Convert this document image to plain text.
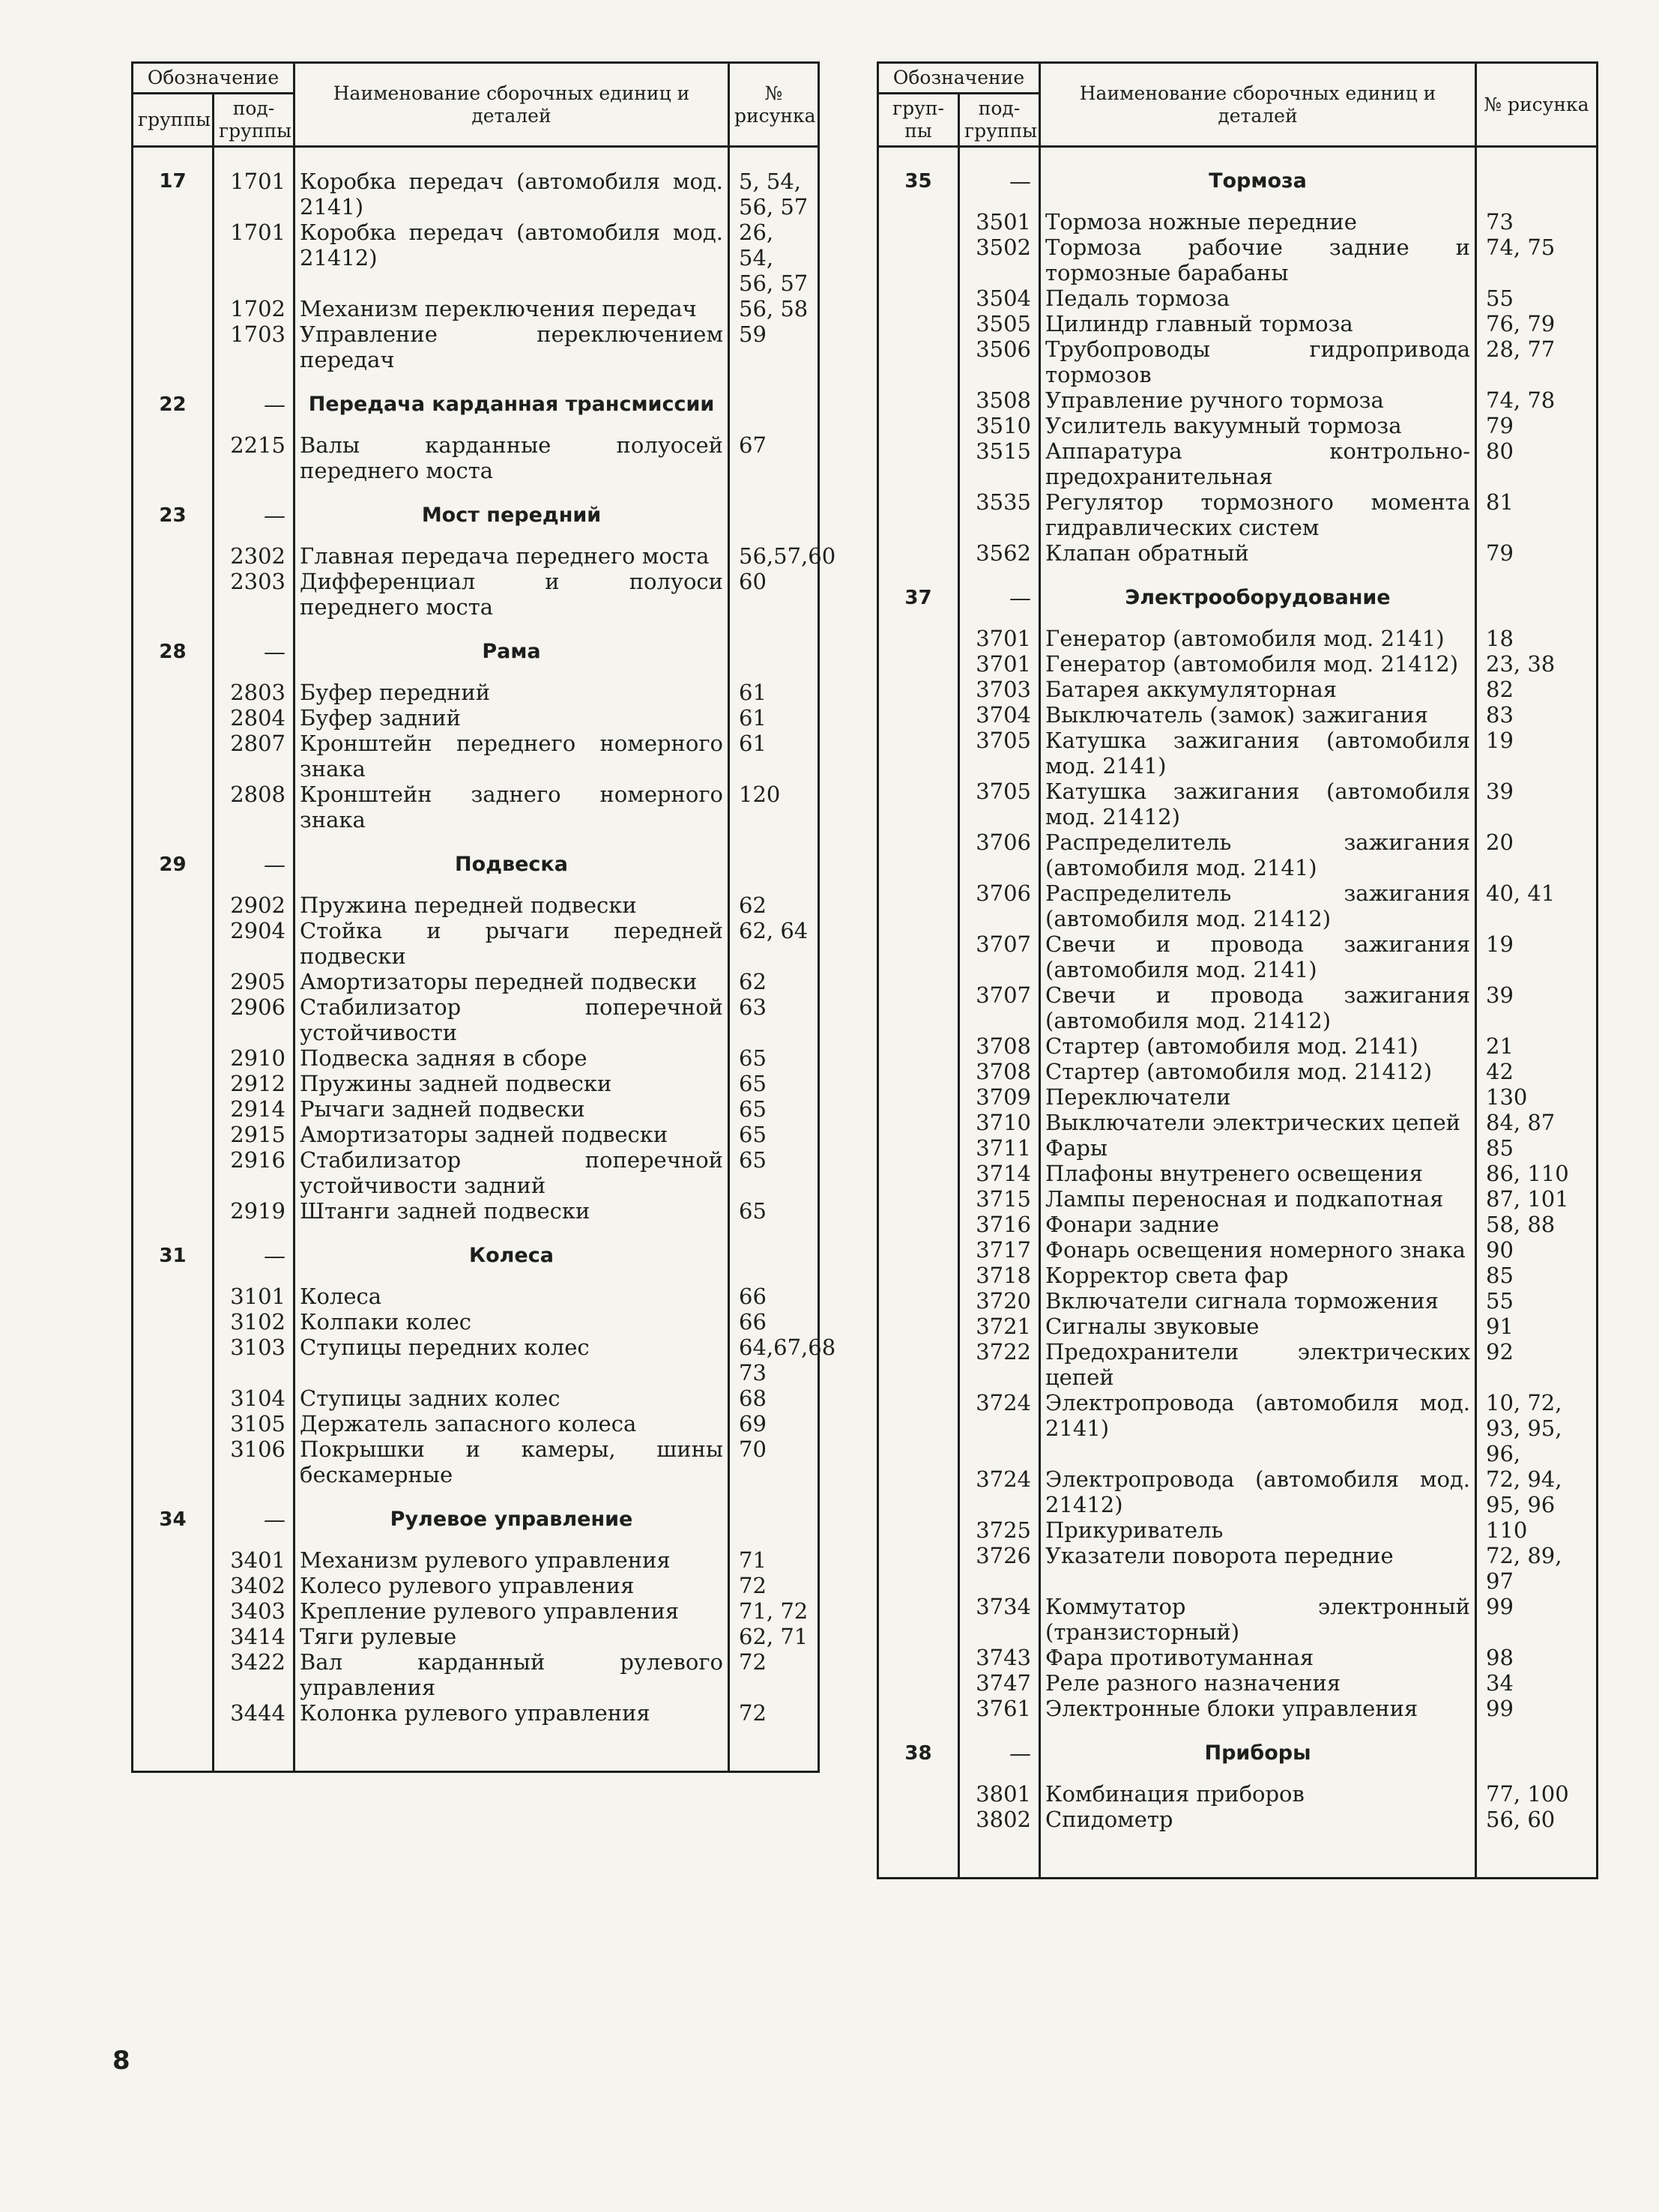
Обозначение		Наименование сборочных единиц и деталей	№ рисунка
группы	под-группы		
17	1701	Коробка передач (автомобиля мод. 2141)	5, 54, 56, 57
	1701	Коробка передач (автомобиля мод. 21412)	26, 54, 56, 57
	1702	Механизм переключения передач	56, 58
	1703	Управление переключением передач	59
22	—	Передача карданная трансмиссии	
	2215	Валы карданные полуосей переднего моста	67
23	—	Мост передний	
	2302	Главная передача переднего моста	56,57,60
	2303	Дифференциал и полуоси переднего моста	60
28	—	Рама	
	2803	Буфер передний	61
	2804	Буфер задний	61
	2807	Кронштейн переднего номерного знака	61
	2808	Кронштейн заднего номерного знака	120
29	—	Подвеска	
	2902	Пружина передней подвески	62
	2904	Стойка и рычаги передней подвески	62, 64
	2905	Амортизаторы передней подвески	62
	2906	Стабилизатор поперечной устойчивости	63
	2910	Подвеска задняя в сборе	65
	2912	Пружины задней подвески	65
	2914	Рычаги задней подвески	65
	2915	Амортизаторы задней подвески	65
	2916	Стабилизатор поперечной устойчивости задний	65
	2919	Штанги задней подвески	65
31	—	Колеса	
	3101	Колеса	66
	3102	Колпаки колес	66
	3103	Ступицы передних колес	64,67,68 73
	3104	Ступицы задних колес	68
	3105	Держатель запасного колеса	69
	3106	Покрышки и камеры, шины бескамерные	70
34	—	Рулевое управление	
	3401	Механизм рулевого управления	71
	3402	Колесо рулевого управления	72
	3403	Крепление рулевого управления	71, 72
	3414	Тяги рулевые	62, 71
	3422	Вал карданный рулевого управления	72
	3444	Колонка рулевого управления	72

Обозначение		Наименование сборочных единиц и деталей	№ рисунка
груп-пы	под-группы		
35	—	Тормоза	
	3501	Тормоза ножные передние	73
	3502	Тормоза рабочие задние и тормозные барабаны	74, 75
	3504	Педаль тормоза	55
	3505	Цилиндр главный тормоза	76, 79
	3506	Трубопроводы гидропривода тормозов	28, 77
	3508	Управление ручного тормоза	74, 78
	3510	Усилитель вакуумный тормоза	79
	3515	Аппаратура контрольно-предохранительная	80
	3535	Регулятор тормозного момента гидравлических систем	81
	3562	Клапан обратный	79
37	—	Электрооборудование	
	3701	Генератор (автомобиля мод. 2141)	18
	3701	Генератор (автомобиля мод. 21412)	23, 38
	3703	Батарея аккумуляторная	82
	3704	Выключатель (замок) зажигания	83
	3705	Катушка зажигания (автомобиля мод. 2141)	19
	3705	Катушка зажигания (автомобиля мод. 21412)	39
	3706	Распределитель зажигания (автомобиля мод. 2141)	20
	3706	Распределитель зажигания (автомобиля мод. 21412)	40, 41
	3707	Свечи и провода зажигания (автомобиля мод. 2141)	19
	3707	Свечи и провода зажигания (автомобиля мод. 21412)	39
	3708	Стартер (автомобиля мод. 2141)	21
	3708	Стартер (автомобиля мод. 21412)	42
	3709	Переключатели	130
	3710	Выключатели электрических цепей	84, 87
	3711	Фары	85
	3714	Плафоны внутренего освещения	86, 110
	3715	Лампы переносная и подкапотная	87, 101
	3716	Фонари задние	58, 88
	3717	Фонарь освещения номерного знака	90
	3718	Корректор света фар	85
	3720	Включатели сигнала торможения	55
	3721	Сигналы звуковые	91
	3722	Предохранители электрических цепей	92
	3724	Электропровода (автомобиля мод. 2141)	10, 72, 93, 95, 96,
	3724	Электропровода (автомобиля мод. 21412)	72, 94, 95, 96
	3725	Прикуриватель	110
	3726	Указатели поворота передние	72, 89, 97
	3734	Коммутатор электронный (транзисторный)	99
	3743	Фара противотуманная	98
	3747	Реле разного назначения	34
	3761	Электронные блоки управления	99
38	—	Приборы	
	3801	Комбинация приборов	77, 100
	3802	Спидометр	56, 60

8
